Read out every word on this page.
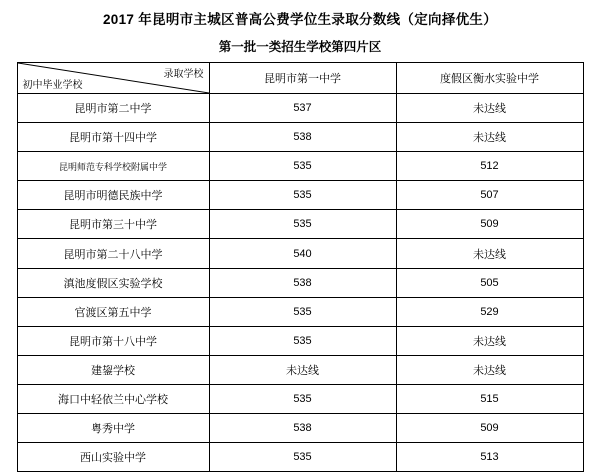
2017 年昆明市主城区普高公费学位生录取分数线（定向择优生）
第一批一类招生学校第四片区
录取学校
初中毕业学校	昆明市第一中学	度假区衡水实验中学
昆明市第二中学	537	未达线
昆明市第十四中学	538	未达线
昆明师范专科学校附属中学	535	512
昆明市明德民族中学	535	507
昆明市第三十中学	535	509
昆明市第二十八中学	540	未达线
滇池度假区实验学校	538	505
官渡区第五中学	535	529
昆明市第十八中学	535	未达线
建鋆学校	未达线	未达线
海口中轻依兰中心学校	535	515
粤秀中学	538	509
西山实验中学	535	513
